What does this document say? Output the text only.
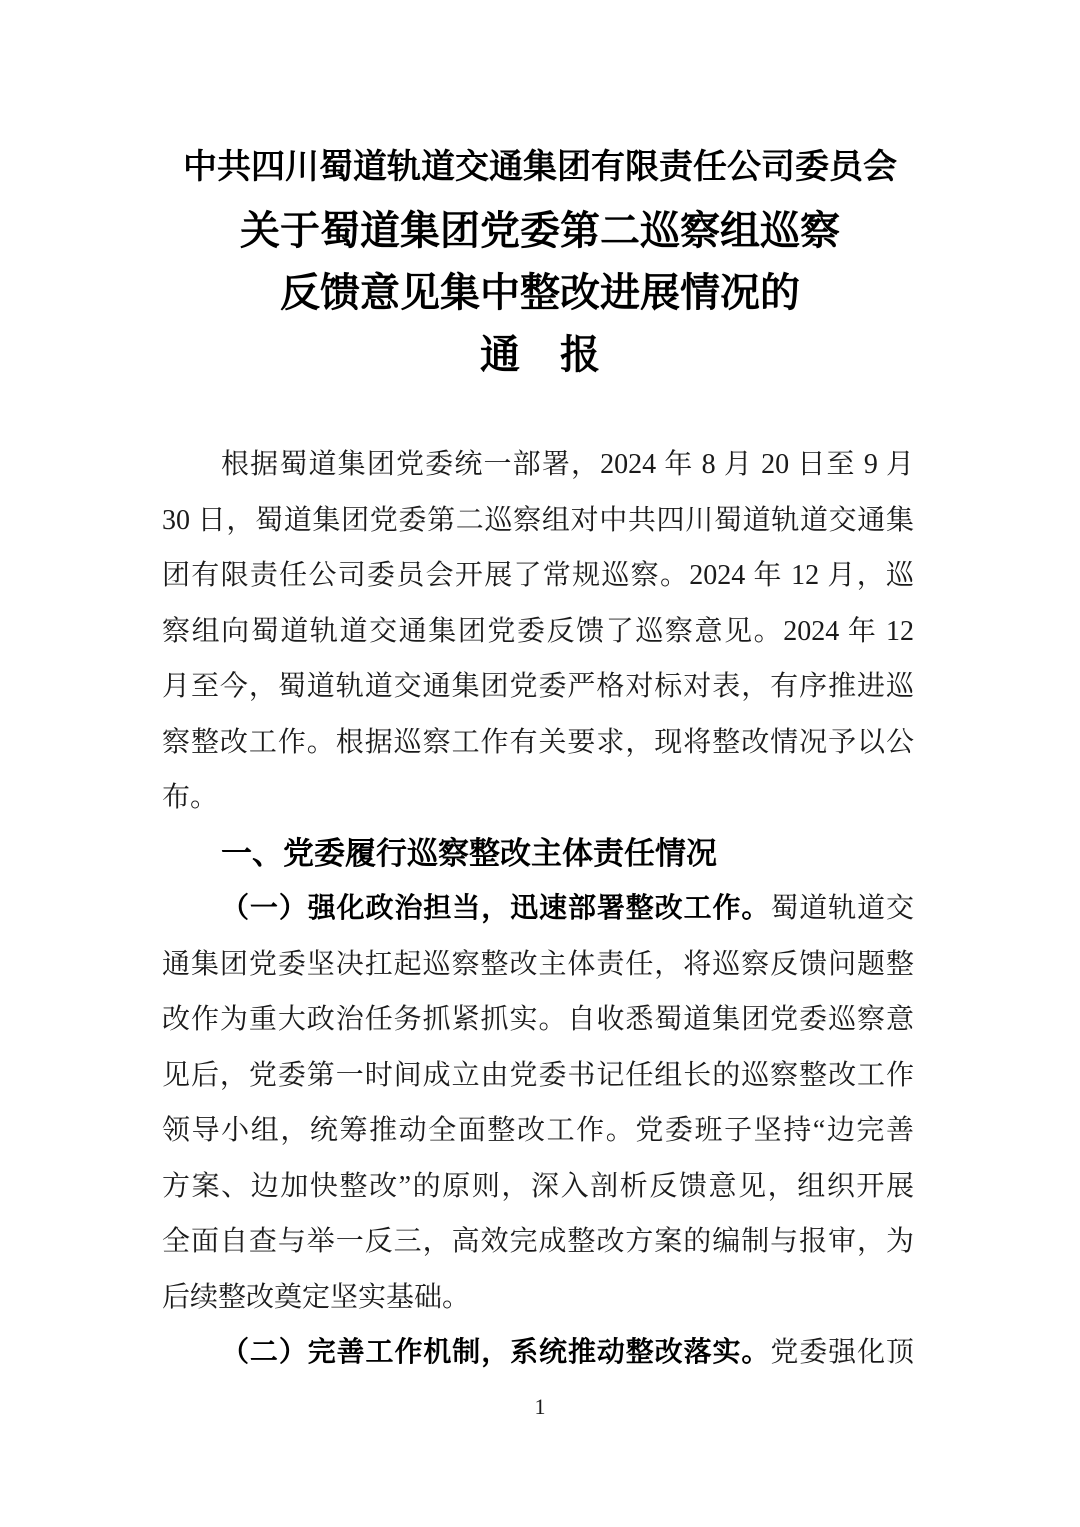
中共四川蜀道轨道交通集团有限责任公司委员会
关于蜀道集团党委第二巡察组巡察
反馈意见集中整改进展情况的
通　报
根据蜀道集团党委统一部署，2024 年 8 月 20 日至 9 月
30 日，蜀道集团党委第二巡察组对中共四川蜀道轨道交通集
团有限责任公司委员会开展了常规巡察。2024 年 12 月，巡
察组向蜀道轨道交通集团党委反馈了巡察意见。2024 年 12
月至今，蜀道轨道交通集团党委严格对标对表，有序推进巡
察整改工作。根据巡察工作有关要求，现将整改情况予以公
布。
一、党委履行巡察整改主体责任情况
（一）强化政治担当，迅速部署整改工作。蜀道轨道交
通集团党委坚决扛起巡察整改主体责任，将巡察反馈问题整
改作为重大政治任务抓紧抓实。自收悉蜀道集团党委巡察意
见后，党委第一时间成立由党委书记任组长的巡察整改工作
领导小组，统筹推动全面整改工作。党委班子坚持“边完善
方案、边加快整改”的原则，深入剖析反馈意见，组织开展
全面自查与举一反三，高效完成整改方案的编制与报审，为
后续整改奠定坚实基础。
（二）完善工作机制，系统推动整改落实。党委强化顶
1
